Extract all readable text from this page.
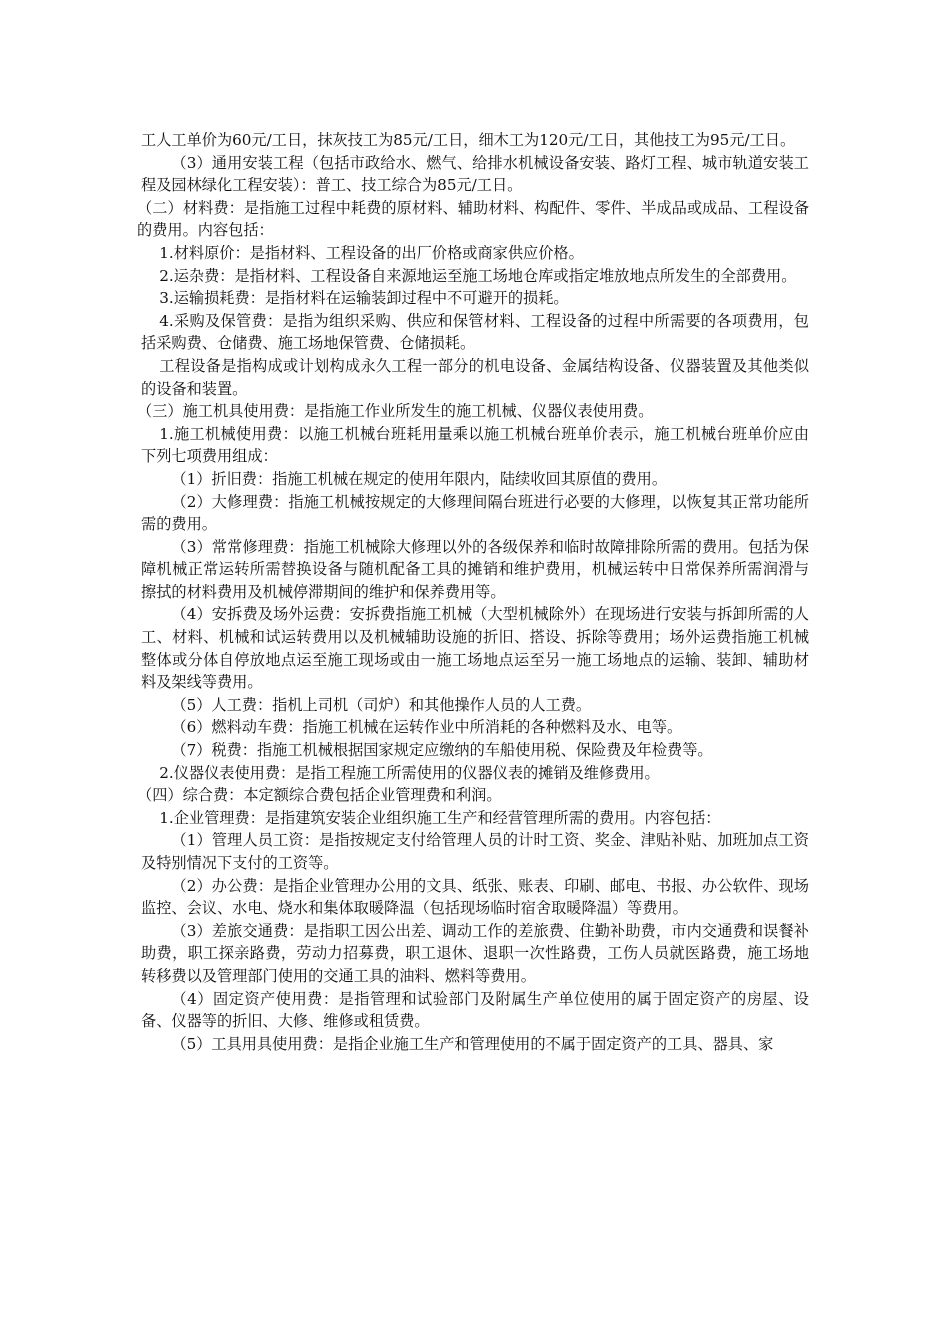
工人工单价为60元/工日，抹灰技工为85元/工日，细木工为120元/工日，其他技工为95元/工日。

（3）通用安装工程（包括市政给水、燃气、给排水机械设备安装、路灯工程、城市轨道安装工程及园林绿化工程安装）：普工、技工综合为85元/工日。

（二）材料费：是指施工过程中耗费的原材料、辅助材料、构配件、零件、半成品或成品、工程设备的费用。内容包括：

1.材料原价：是指材料、工程设备的出厂价格或商家供应价格。

2.运杂费：是指材料、工程设备自来源地运至施工场地仓库或指定堆放地点所发生的全部费用。

3.运输损耗费：是指材料在运输装卸过程中不可避开的损耗。

4.采购及保管费：是指为组织采购、供应和保管材料、工程设备的过程中所需要的各项费用，包括采购费、仓储费、施工场地保管费、仓储损耗。

工程设备是指构成或计划构成永久工程一部分的机电设备、金属结构设备、仪器装置及其他类似的设备和装置。

（三）施工机具使用费：是指施工作业所发生的施工机械、仪器仪表使用费。

1.施工机械使用费：以施工机械台班耗用量乘以施工机械台班单价表示，施工机械台班单价应由下列七项费用组成：

（1）折旧费：指施工机械在规定的使用年限内，陆续收回其原值的费用。

（2）大修理费：指施工机械按规定的大修理间隔台班进行必要的大修理，以恢复其正常功能所需的费用。

（3）常常修理费：指施工机械除大修理以外的各级保养和临时故障排除所需的费用。包括为保障机械正常运转所需替换设备与随机配备工具的摊销和维护费用，机械运转中日常保养所需润滑与擦拭的材料费用及机械停滞期间的维护和保养费用等。

（4）安拆费及场外运费：安拆费指施工机械（大型机械除外）在现场进行安装与拆卸所需的人工、材料、机械和试运转费用以及机械辅助设施的折旧、搭设、拆除等费用；场外运费指施工机械整体或分体自停放地点运至施工现场或由一施工场地点运至另一施工场地点的运输、装卸、辅助材料及架线等费用。

（5）人工费：指机上司机（司炉）和其他操作人员的人工费。

（6）燃料动车费：指施工机械在运转作业中所消耗的各种燃料及水、电等。

（7）税费：指施工机械根据国家规定应缴纳的车船使用税、保险费及年检费等。

2.仪器仪表使用费：是指工程施工所需使用的仪器仪表的摊销及维修费用。

（四）综合费：本定额综合费包括企业管理费和利润。

1.企业管理费：是指建筑安装企业组织施工生产和经营管理所需的费用。内容包括：

（1）管理人员工资：是指按规定支付给管理人员的计时工资、奖金、津贴补贴、加班加点工资及特别情况下支付的工资等。

（2）办公费：是指企业管理办公用的文具、纸张、账表、印刷、邮电、书报、办公软件、现场监控、会议、水电、烧水和集体取暖降温（包括现场临时宿舍取暖降温）等费用。

（3）差旅交通费：是指职工因公出差、调动工作的差旅费、住勤补助费，市内交通费和误餐补助费，职工探亲路费，劳动力招募费，职工退休、退职一次性路费，工伤人员就医路费，施工场地转移费以及管理部门使用的交通工具的油料、燃料等费用。

（4）固定资产使用费：是指管理和试验部门及附属生产单位使用的属于固定资产的房屋、设备、仪器等的折旧、大修、维修或租赁费。

（5）工具用具使用费：是指企业施工生产和管理使用的不属于固定资产的工具、器具、家
